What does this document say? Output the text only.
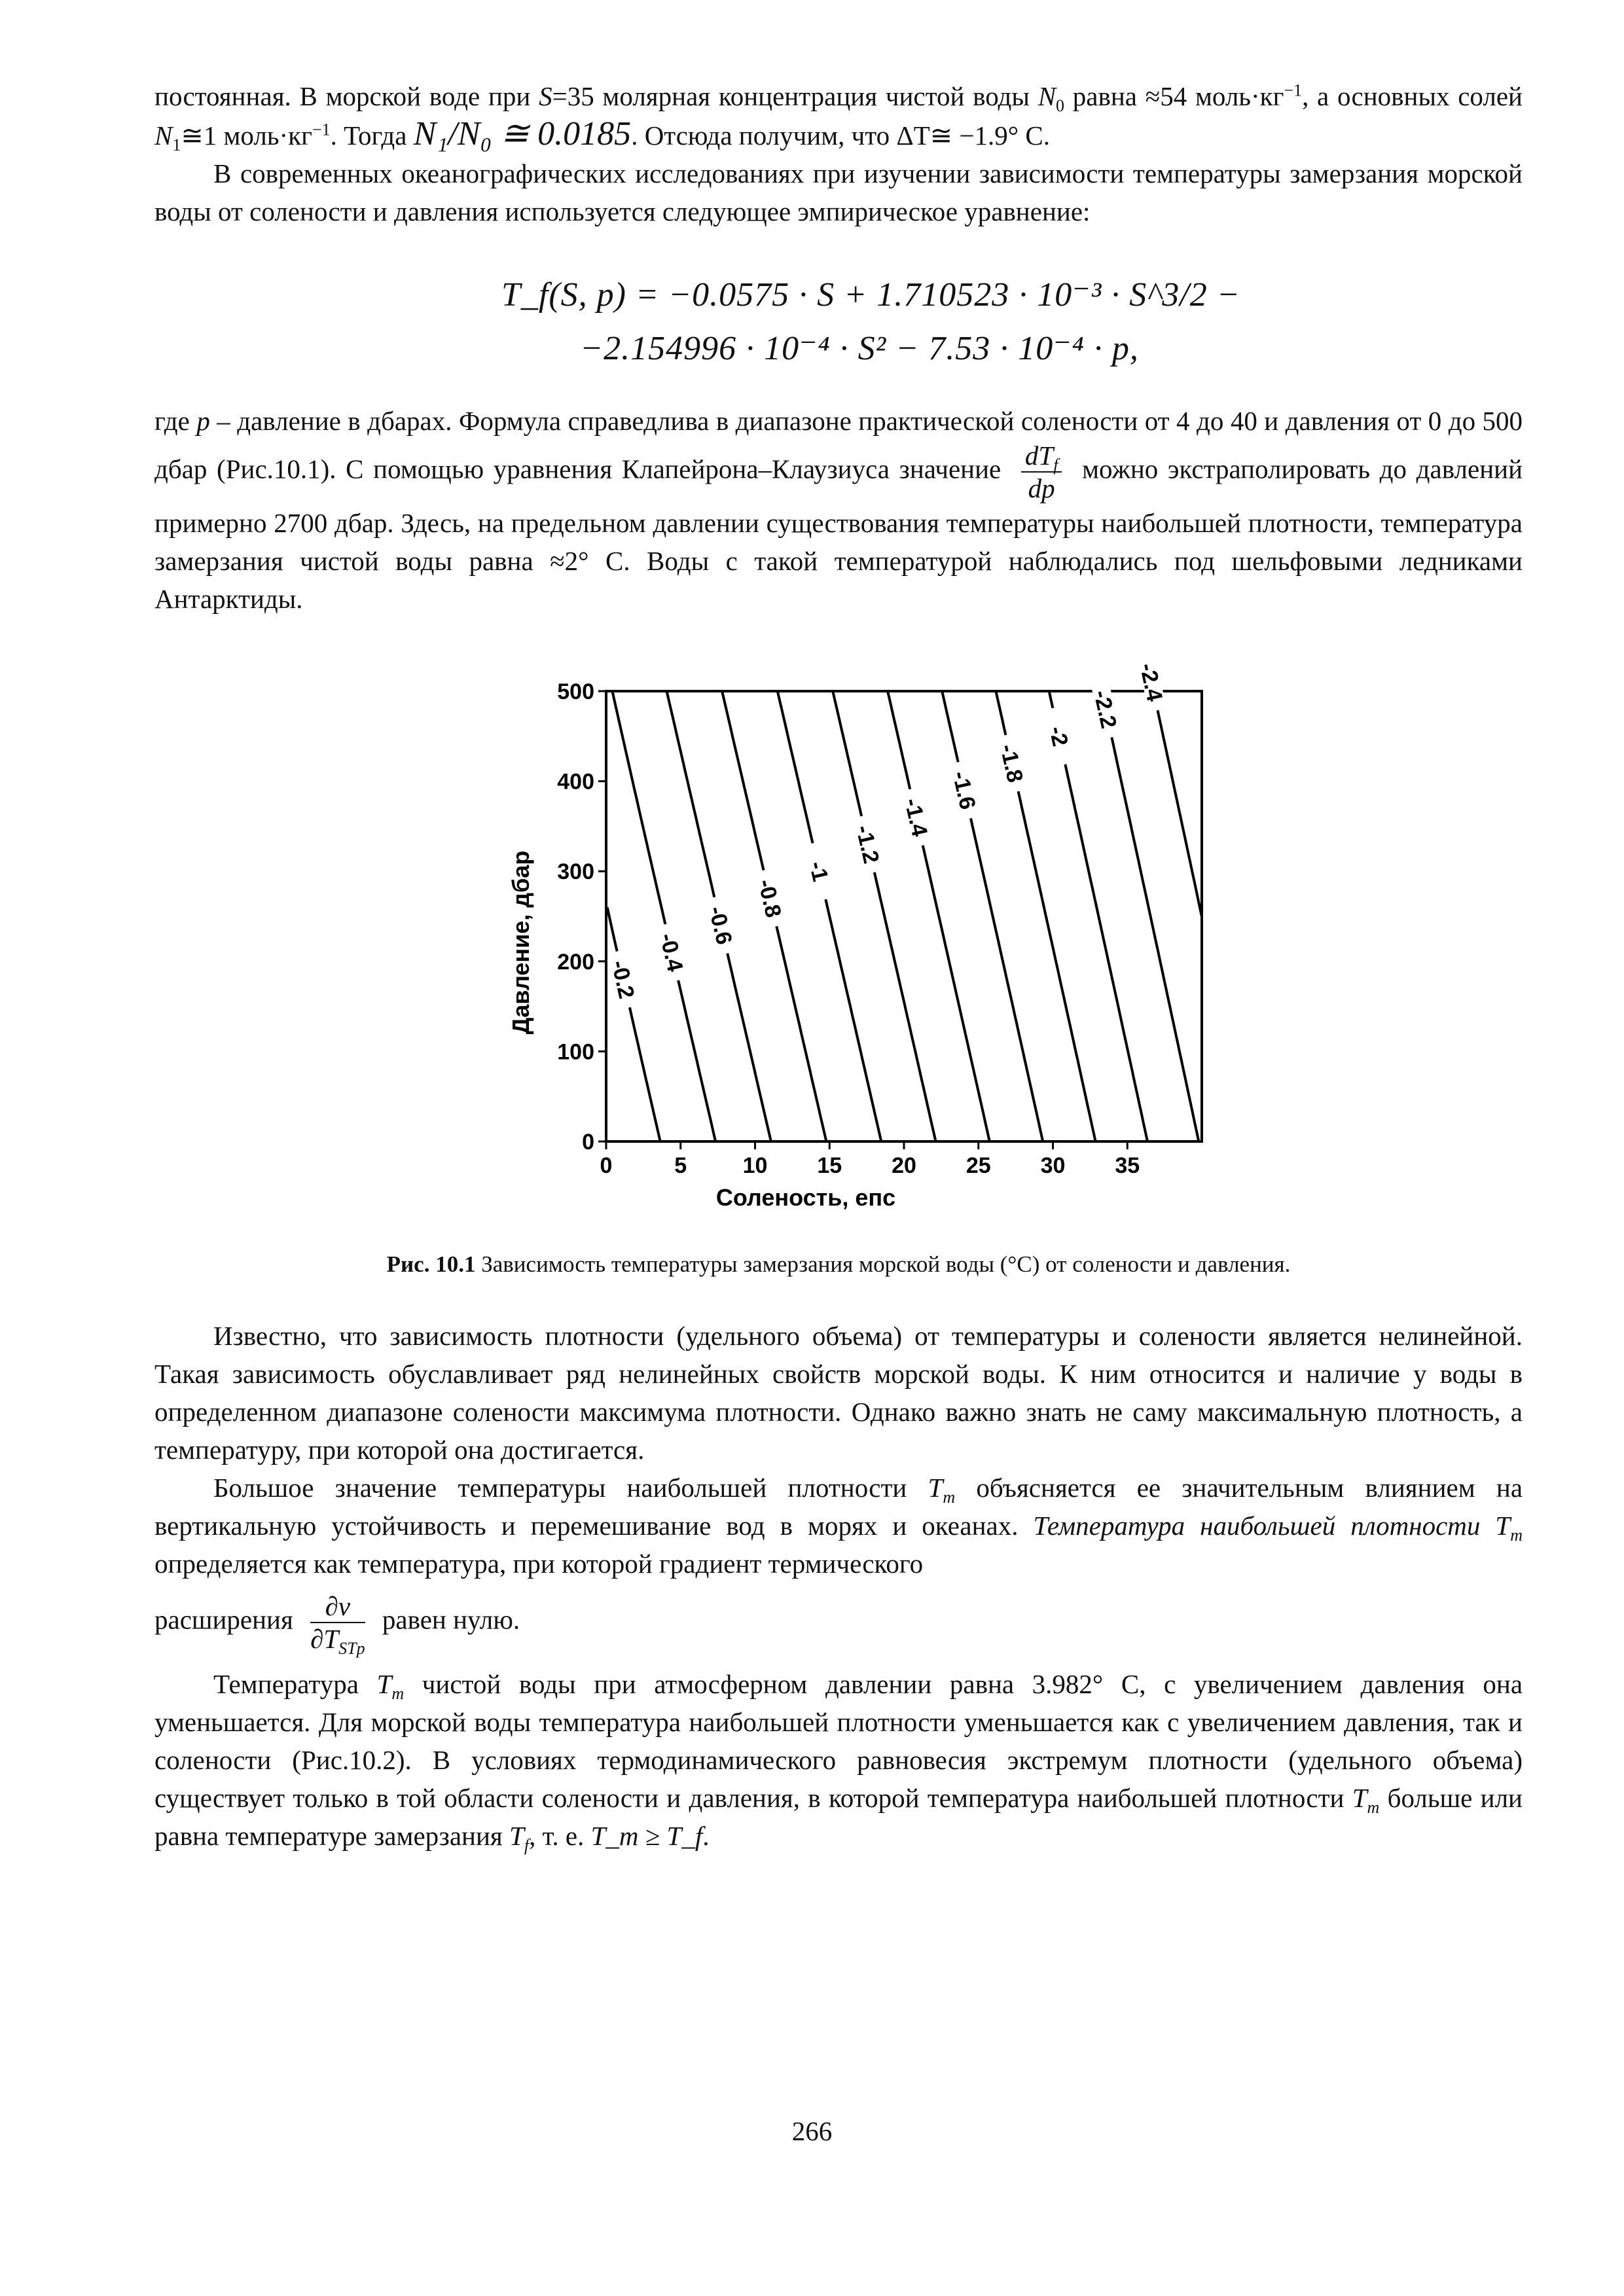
постоянная. В морской воде при S=35 молярная концентрация чистой воды $N_0$ равна ≈54 $моль\cdot кг^{-1}$, а основных солей $N_1≅1$ $моль\cdot кг^{-1}$. Тогда N₁/N₀ ≅ 0.0185. Отсюда получим, что ΔT≅ −1.9° С.

В современных океанографических исследованиях при изучении зависимости температуры замерзания морской воды от солености и давления используется следующее эмпирическое уравнение:

T_f(S, p) = −0.0575 · S + 1.710523 · 10⁻³ · S^3/2 −
−2.154996 · 10⁻⁴ · S² − 7.53 · 10⁻⁴ · p,

где p – давление в дбарах. Формула справедлива в диапазоне практической солености от 4 до 40 и давления от 0 до 500 дбар (Рис.10.1). С помощью уравнения Клапейрона–Клаузиуса значение $\frac{dT_f}{dp}$ можно экстраполировать до давлений примерно 2700 дбар. Здесь, на предельном давлении существования температуры наибольшей плотности, температура замерзания чистой воды равна ≈2° С. Воды с такой температурой наблюдались под шельфовыми ледниками Антарктиды.

-0.2
-0.4
-0.6
-0.8
-1
-1.2
-1.4
-1.6
-1.8
-2
-2.2
-2.4
0	5	10 15 20 25 30 35
0
100
200
300
400
500
Соленость, епс
Давление, дбар

Рис. 10.1 Зависимость температуры замерзания морской воды (°С) от солености и давления.

Известно, что зависимость плотности (удельного объема) от температуры и солености является нелинейной. Такая зависимость обуславливает ряд нелинейных свойств морской воды. К ним относится и наличие у воды в определенном диапазоне солености максимума плотности. Однако важно знать не саму максимальную плотность, а температуру, при которой она достигается.

Большое значение температуры наибольшей плотности $T_m$ объясняется ее значительным влиянием на вертикальную устойчивость и перемешивание вод в морях и океанах. Температура наибольшей плотности $T_m$ определяется как температура, при которой градиент термического

расширения $\frac{\partial v}{\partial T_{STp}}$ равен нулю.

Температура $T_m$ чистой воды при атмосферном давлении равна 3.982° С, с увеличением давления она уменьшается. Для морской воды температура наибольшей плотности уменьшается как с увеличением давления, так и солености (Рис.10.2). В условиях термодинамического равновесия экстремум плотности (удельного объема) существует только в той области солености и давления, в которой температура наибольшей плотности $T_m$ больше или равна температуре замерзания $T_f$, т. е. T_m ≥ T_f.

266
